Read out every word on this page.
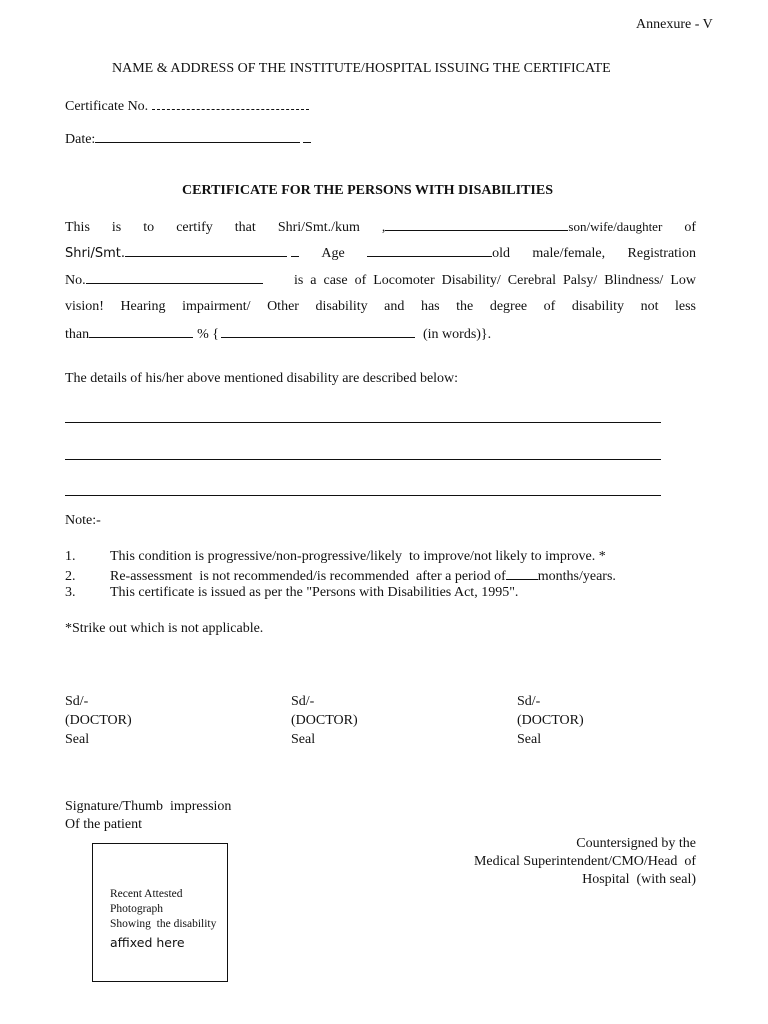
Annexure - V
NAME & ADDRESS OF THE INSTITUTE/HOSPITAL ISSUING THE CERTIFICATE
Certificate No.
Date:
CERTIFICATE FOR THE PERSONS WITH DISABILITIES
This is to certify that Shri/Smt./kum ,	son/wife/daughter of
Shri/Smt.	Age	old male/female, Registration
No.	is  a  case  of  Locomoter  Disability/  Cerebral  Palsy/  Blindness/  Low
vision! Hearing impairment/ Other disability and has the degree of disability not less
than	% {	(in words)}.
The details of his/her above mentioned disability are described below:
Note:-
1. This condition is progressive/non-progressive/likely  to improve/not likely to improve. *
2. Re-assessment  is not recommended/is recommended  after a period of months/years.
3. This certificate is issued as per the "Persons with Disabilities Act, 1995".
*Strike out which is not applicable.
Sd/-
(DOCTOR)
Seal
Sd/-
(DOCTOR)
Seal
Sd/-
(DOCTOR)
Seal
Signature/Thumb  impression
Of the patient
Countersigned by the
Medical Superintendent/CMO/Head  of
Hospital  (with seal)
Recent Attested
Photograph
Showing  the disability
affixed here
